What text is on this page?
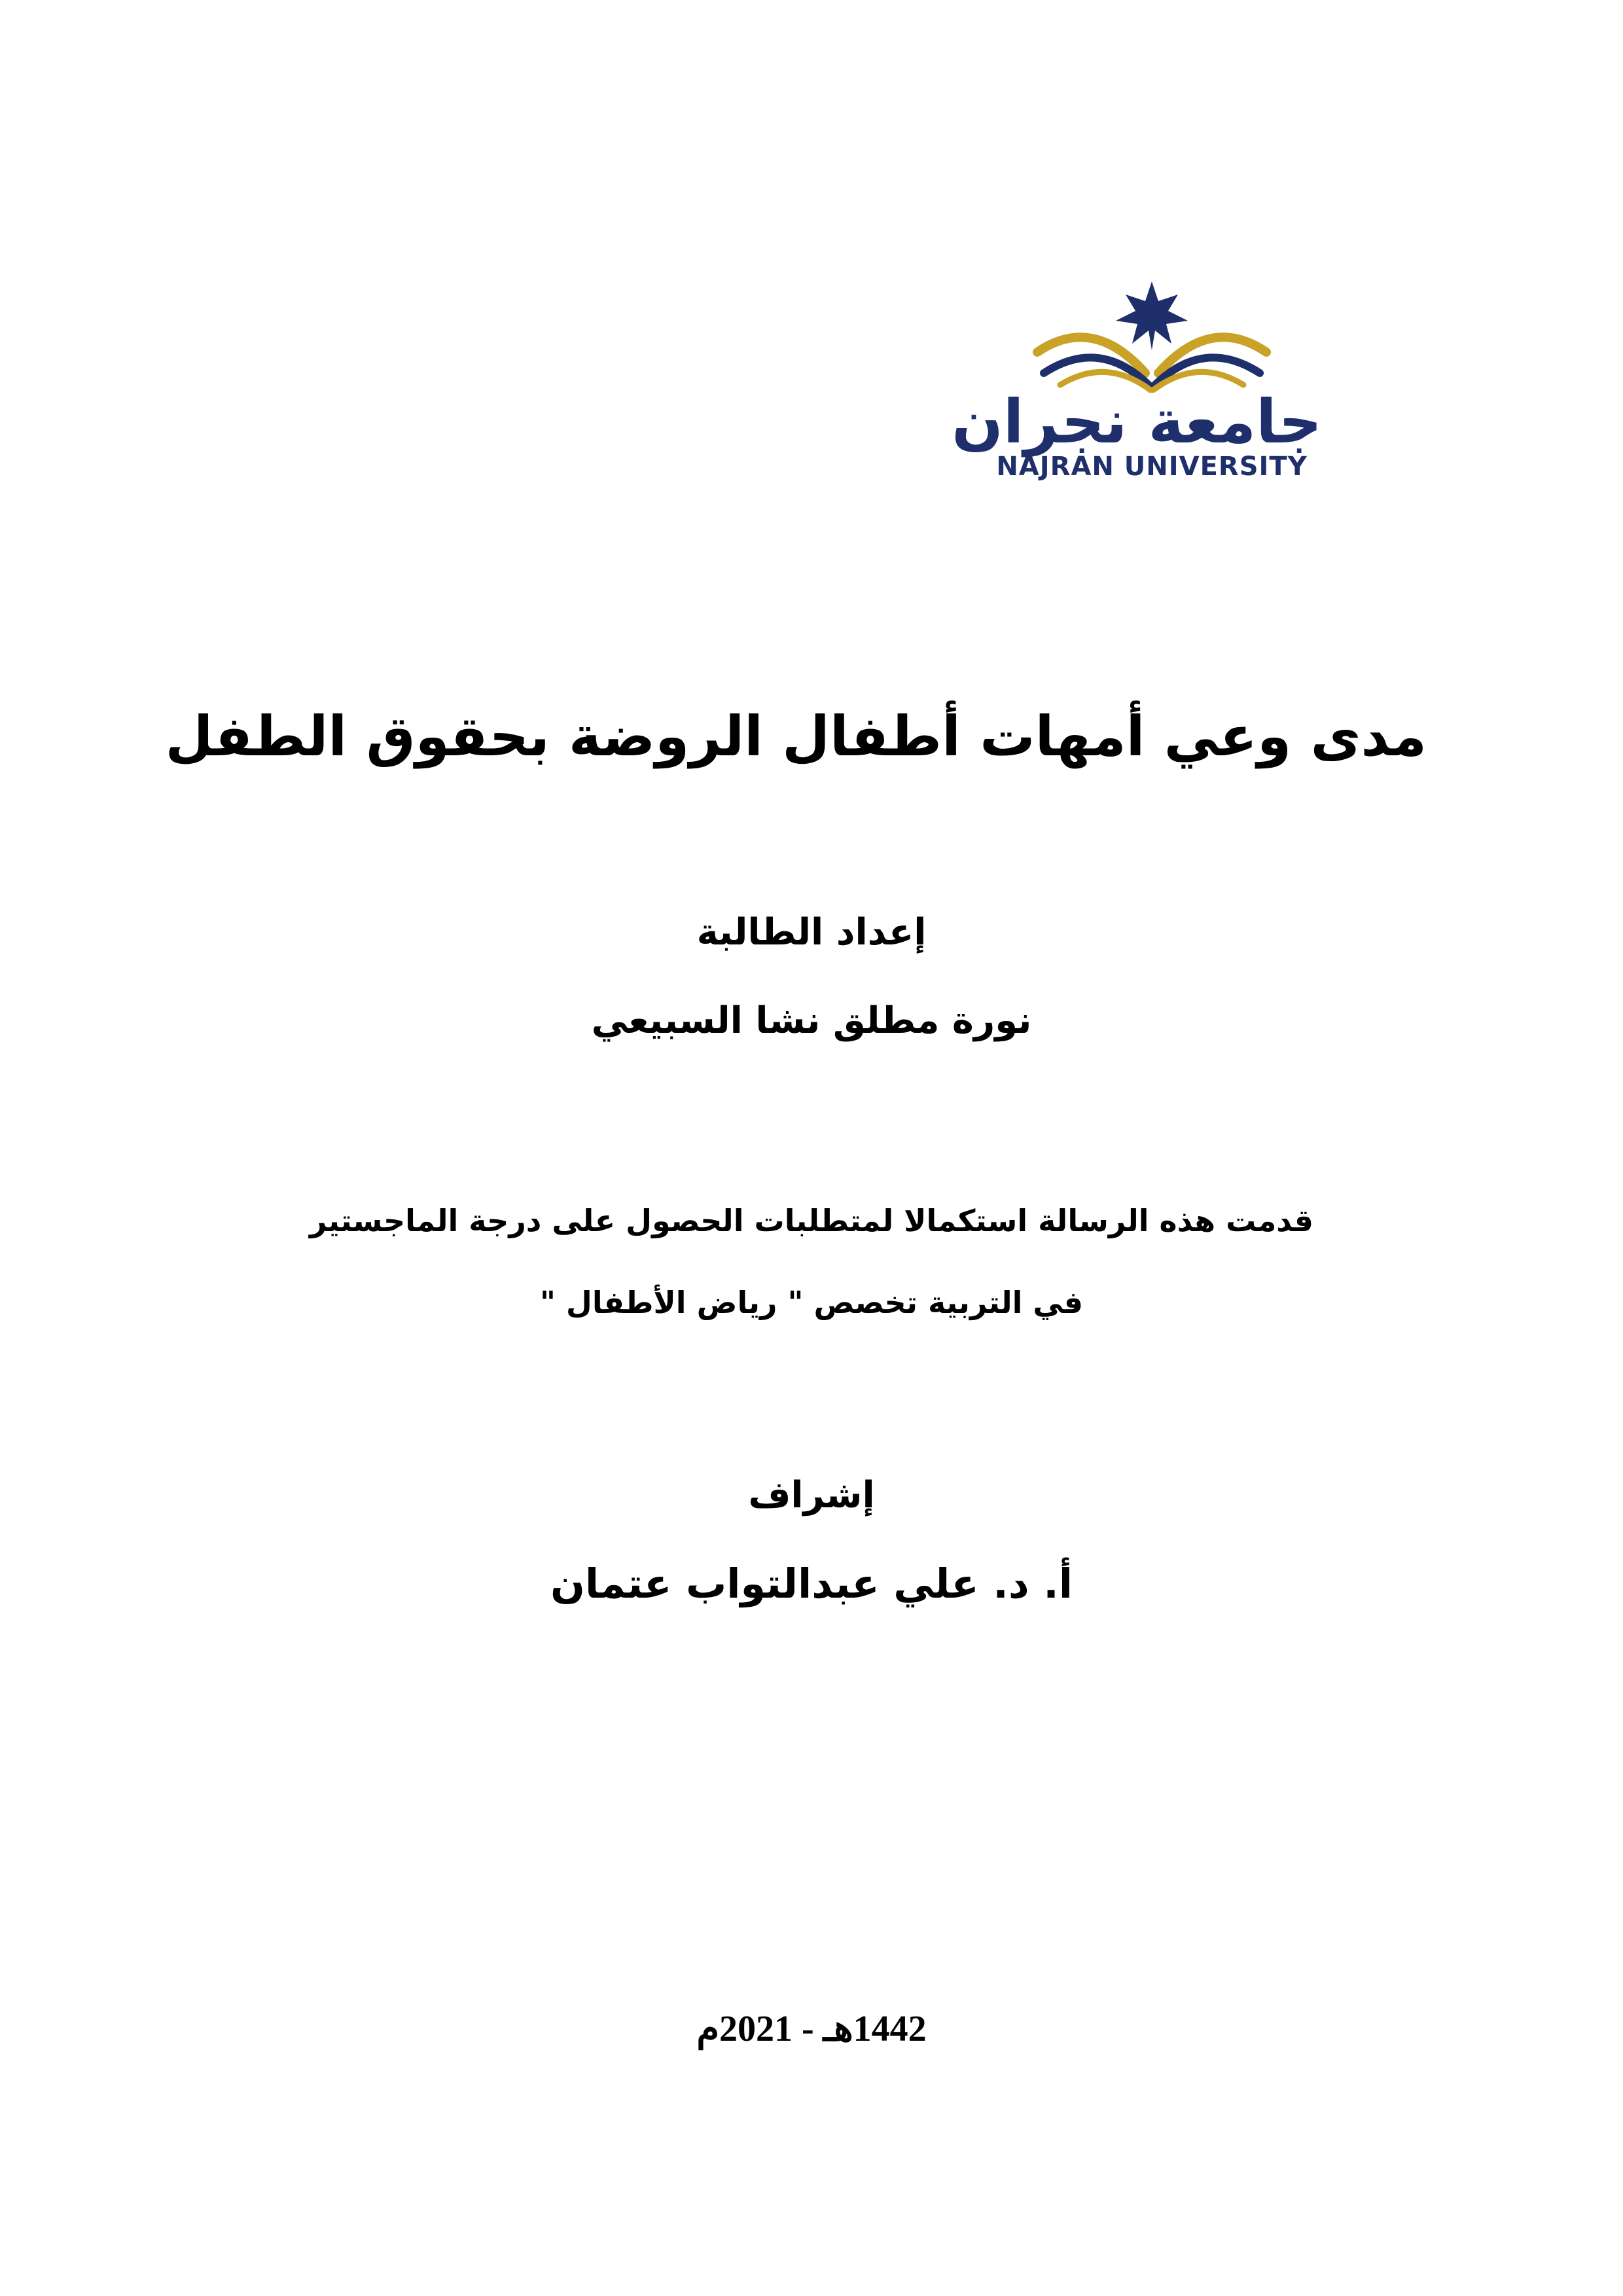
جامعة نجران
NAJRAN UNIVERSITY
مدى وعي أمهات أطفال الروضة بحقوق الطفل
إعداد الطالبة
نورة مطلق نشا السبيعي
قدمت هذه الرسالة استكمالا لمتطلبات الحصول على درجة الماجستير
في التربية تخصص " رياض الأطفال "
إشراف
أ. د. علي عبدالتواب عتمان
1442هـ - 2021م
